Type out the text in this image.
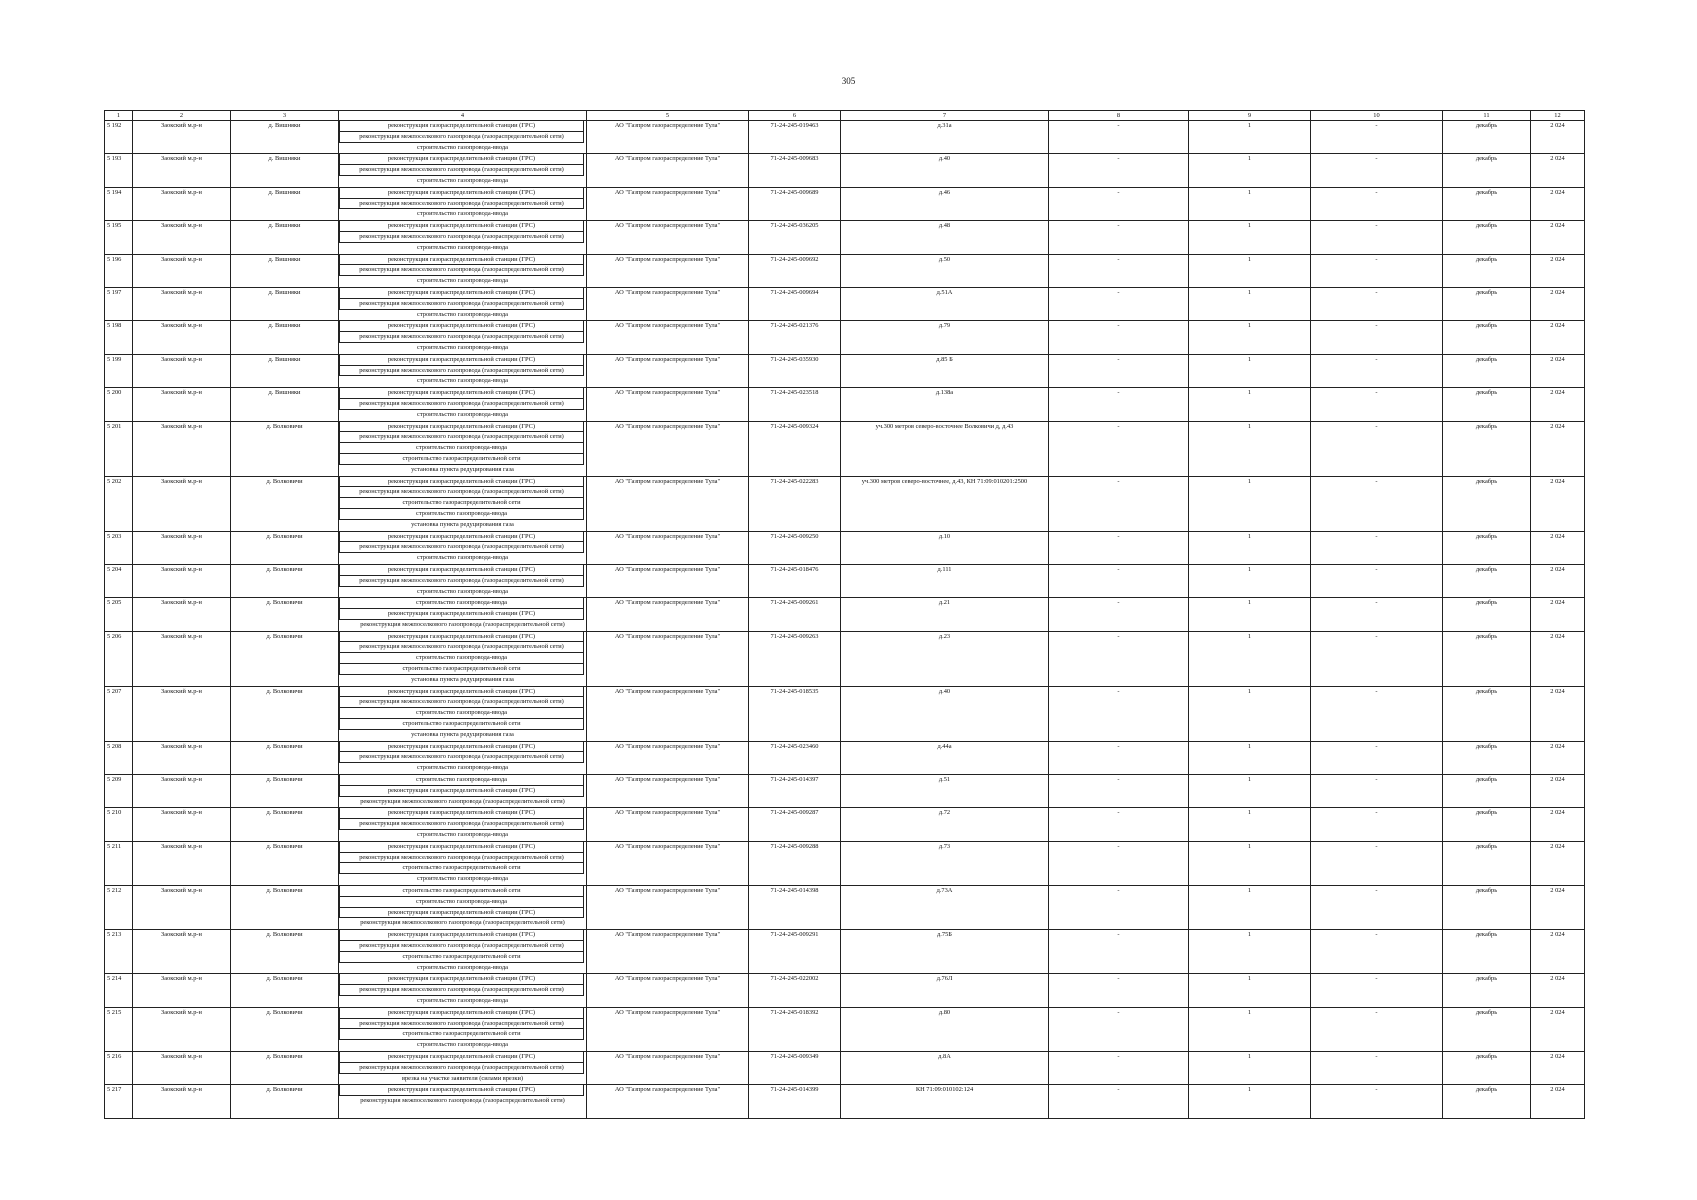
305
1	2	3	4	5	6	7	8	9	10	11	12
5 192	Заокский м.р-н	д. Вишняки	реконструкция газораспределительной станции (ГРС)
реконструкция межпоселкового газопровода (газораспределительной сети)
строительство газопровода-ввода	АО "Газпром газораспределение Тула"	71-24-245-019463	д.31а	-	1	-	декабрь	2 024
5 193	Заокский м.р-н	д. Вишняки	реконструкция газораспределительной станции (ГРС)
реконструкция межпоселкового газопровода (газораспределительной сети)
строительство газопровода-ввода	АО "Газпром газораспределение Тула"	71-24-245-009683	д.40	-	1	-	декабрь	2 024
5 194	Заокский м.р-н	д. Вишняки	реконструкция газораспределительной станции (ГРС)
реконструкция межпоселкового газопровода (газораспределительной сети)
строительство газопровода-ввода	АО "Газпром газораспределение Тула"	71-24-245-009689	д.46	-	1	-	декабрь	2 024
5 195	Заокский м.р-н	д. Вишняки	реконструкция газораспределительной станции (ГРС)
реконструкция межпоселкового газопровода (газораспределительной сети)
строительство газопровода-ввода	АО "Газпром газораспределение Тула"	71-24-245-036205	д.48	-	1	-	декабрь	2 024
5 196	Заокский м.р-н	д. Вишняки	реконструкция газораспределительной станции (ГРС)
реконструкция межпоселкового газопровода (газораспределительной сети)
строительство газопровода-ввода	АО "Газпром газораспределение Тула"	71-24-245-009692	д.50	-	1	-	декабрь	2 024
5 197	Заокский м.р-н	д. Вишняки	реконструкция газораспределительной станции (ГРС)
реконструкция межпоселкового газопровода (газораспределительной сети)
строительство газопровода-ввода	АО "Газпром газораспределение Тула"	71-24-245-009694	д.51А	-	1	-	декабрь	2 024
5 198	Заокский м.р-н	д. Вишняки	реконструкция газораспределительной станции (ГРС)
реконструкция межпоселкового газопровода (газораспределительной сети)
строительство газопровода-ввода	АО "Газпром газораспределение Тула"	71-24-245-021376	д.79	-	1	-	декабрь	2 024
5 199	Заокский м.р-н	д. Вишняки	реконструкция газораспределительной станции (ГРС)
реконструкция межпоселкового газопровода (газораспределительной сети)
строительство газопровода-ввода	АО "Газпром газораспределение Тула"	71-24-245-035930	д.85 Б	-	1	-	декабрь	2 024
5 200	Заокский м.р-н	д. Вишняки	реконструкция газораспределительной станции (ГРС)
реконструкция межпоселкового газопровода (газораспределительной сети)
строительство газопровода-ввода	АО "Газпром газораспределение Тула"	71-24-245-023518	д.138а	-	1	-	декабрь	2 024
5 201	Заокский м.р-н	д. Волковичи	реконструкция газораспределительной станции (ГРС)
реконструкция межпоселкового газопровода (газораспределительной сети)
строительство газопровода-ввода
строительство газораспределительной сети
установка пункта редуцирования газа	АО "Газпром газораспределение Тула"	71-24-245-009324	уч.300 метров северо-восточнее Волковичи д, д.43	-	1	-	декабрь	2 024
5 202	Заокский м.р-н	д. Волковичи	реконструкция газораспределительной станции (ГРС)
реконструкция межпоселкового газопровода (газораспределительной сети)
строительство газораспределительной сети
строительство газопровода-ввода
установка пункта редуцирования газа	АО "Газпром газораспределение Тула"	71-24-245-022283	уч.300 метров северо-восточнее, д.43, КН 71:09:010201:2500	-	1	-	декабрь	2 024
5 203	Заокский м.р-н	д. Волковичи	реконструкция газораспределительной станции (ГРС)
реконструкция межпоселкового газопровода (газораспределительной сети)
строительство газопровода-ввода	АО "Газпром газораспределение Тула"	71-24-245-009250	д.10	-	1	-	декабрь	2 024
5 204	Заокский м.р-н	д. Волковичи	реконструкция газораспределительной станции (ГРС)
реконструкция межпоселкового газопровода (газораспределительной сети)
строительство газопровода-ввода	АО "Газпром газораспределение Тула"	71-24-245-018476	д.111	-	1	-	декабрь	2 024
5 205	Заокский м.р-н	д. Волковичи	строительство газопровода-ввода
реконструкция газораспределительной станции (ГРС)
реконструкция межпоселкового газопровода (газораспределительной сети)	АО "Газпром газораспределение Тула"	71-24-245-009261	д.21	-	1	-	декабрь	2 024
5 206	Заокский м.р-н	д. Волковичи	реконструкция газораспределительной станции (ГРС)
реконструкция межпоселкового газопровода (газораспределительной сети)
строительство газопровода-ввода
строительство газораспределительной сети
установка пункта редуцирования газа	АО "Газпром газораспределение Тула"	71-24-245-009263	д.23	-	1	-	декабрь	2 024
5 207	Заокский м.р-н	д. Волковичи	реконструкция газораспределительной станции (ГРС)
реконструкция межпоселкового газопровода (газораспределительной сети)
строительство газопровода-ввода
строительство газораспределительной сети
установка пункта редуцирования газа	АО "Газпром газораспределение Тула"	71-24-245-018535	д.40	-	1	-	декабрь	2 024
5 208	Заокский м.р-н	д. Волковичи	реконструкция газораспределительной станции (ГРС)
реконструкция межпоселкового газопровода (газораспределительной сети)
строительство газопровода-ввода	АО "Газпром газораспределение Тула"	71-24-245-023460	д.44а	-	1	-	декабрь	2 024
5 209	Заокский м.р-н	д. Волковичи	строительство газопровода-ввода
реконструкция газораспределительной станции (ГРС)
реконструкция межпоселкового газопровода (газораспределительной сети)	АО "Газпром газораспределение Тула"	71-24-245-014397	д.51	-	1	-	декабрь	2 024
5 210	Заокский м.р-н	д. Волковичи	реконструкция газораспределительной станции (ГРС)
реконструкция межпоселкового газопровода (газораспределительной сети)
строительство газопровода-ввода	АО "Газпром газораспределение Тула"	71-24-245-009287	д.72	-	1	-	декабрь	2 024
5 211	Заокский м.р-н	д. Волковичи	реконструкция газораспределительной станции (ГРС)
реконструкция межпоселкового газопровода (газораспределительной сети)
строительство газораспределительной сети
строительство газопровода-ввода	АО "Газпром газораспределение Тула"	71-24-245-009288	д.73	-	1	-	декабрь	2 024
5 212	Заокский м.р-н	д. Волковичи	строительство газораспределительной сети
строительство газопровода-ввода
реконструкция газораспределительной станции (ГРС)
реконструкция межпоселкового газопровода (газораспределительной сети)	АО "Газпром газораспределение Тула"	71-24-245-014398	д.73А	-	1	-	декабрь	2 024
5 213	Заокский м.р-н	д. Волковичи	реконструкция газораспределительной станции (ГРС)
реконструкция межпоселкового газопровода (газораспределительной сети)
строительство газораспределительной сети
строительство газопровода-ввода	АО "Газпром газораспределение Тула"	71-24-245-009291	д.75Б	-	1	-	декабрь	2 024
5 214	Заокский м.р-н	д. Волковичи	реконструкция газораспределительной станции (ГРС)
реконструкция межпоселкового газопровода (газораспределительной сети)
строительство газопровода-ввода	АО "Газпром газораспределение Тула"	71-24-245-022002	д.76Л	-	1	-	декабрь	2 024
5 215	Заокский м.р-н	д. Волковичи	реконструкция газораспределительной станции (ГРС)
реконструкция межпоселкового газопровода (газораспределительной сети)
строительство газораспределительной сети
строительство газопровода-ввода	АО "Газпром газораспределение Тула"	71-24-245-018392	д.80	-	1	-	декабрь	2 024
5 216	Заокский м.р-н	д. Волковичи	реконструкция газораспределительной станции (ГРС)
реконструкция межпоселкового газопровода (газораспределительной сети)
врезка на участке заявителя (силами врезки)	АО "Газпром газораспределение Тула"	71-24-245-009349	д.8А	-	1	-	декабрь	2 024
5 217	Заокский м.р-н	д. Волковичи	реконструкция газораспределительной станции (ГРС)
реконструкция межпоселкового газопровода (газораспределительной сети)	АО "Газпром газораспределение Тула"	71-24-245-014399	КН 71:09:010102:124	-	1	-	декабрь	2 024
